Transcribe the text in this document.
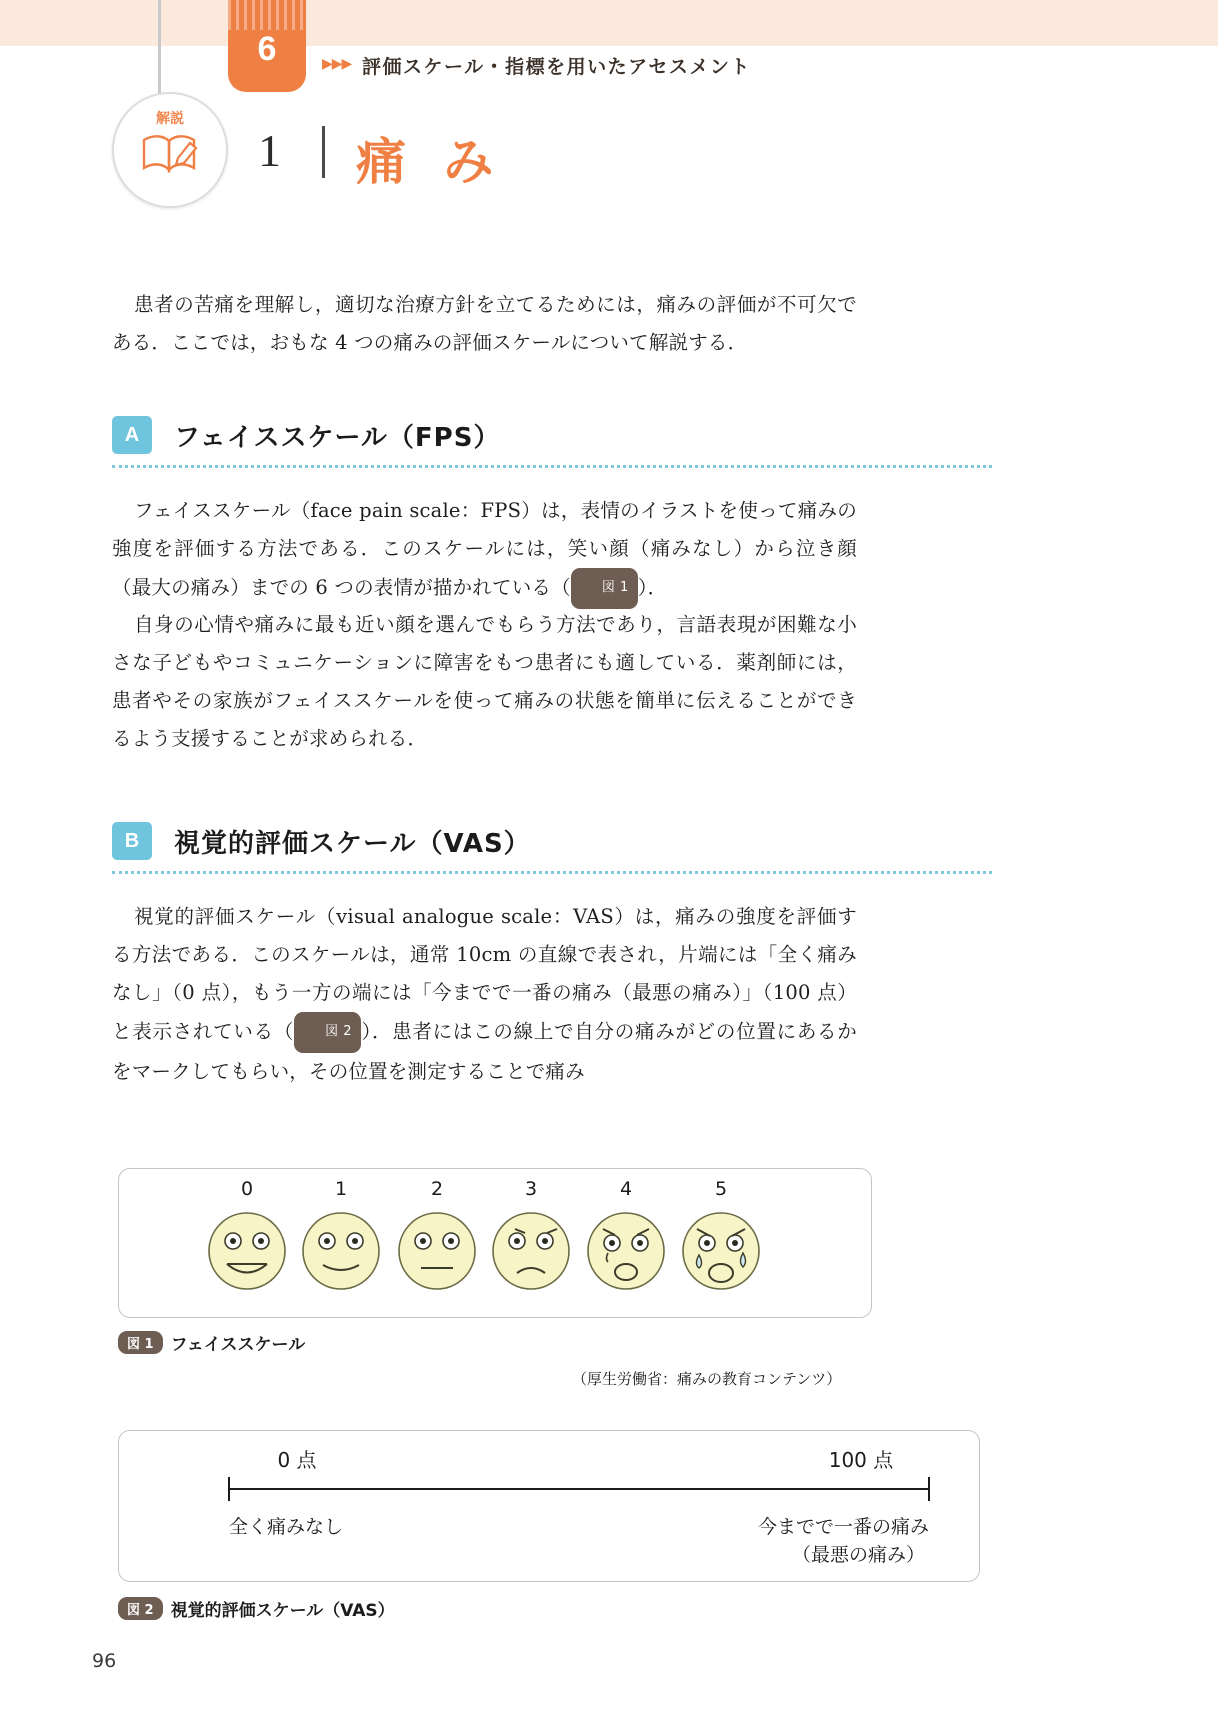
6	▶▶▶ 評価スケール・指標を用いたアセスメント
解説
1 痛 み
患者の苦痛を理解し，適切な治療方針を立てるためには，痛みの評価が不可欠である．ここでは，おもな 4 つの痛みの評価スケールについて解説する．
A フェイススケール（FPS）
フェイススケール（face pain scale：FPS）は，表情のイラストを使って痛みの強度を評価する方法である．このスケールには，笑い顔（痛みなし）から泣き顔（最大の痛み）までの 6 つの表情が描かれている（ 図 1 ）．
自身の心情や痛みに最も近い顔を選んでもらう方法であり，言語表現が困難な小さな子どもやコミュニケーションに障害をもつ患者にも適している．薬剤師には，患者やその家族がフェイススケールを使って痛みの状態を簡単に伝えることができるよう支援することが求められる．
B 視覚的評価スケール（VAS）
視覚的評価スケール（visual analogue scale：VAS）は，痛みの強度を評価する方法である．このスケールは，通常 10cm の直線で表され，片端には「全く痛みなし」（0 点），もう一方の端には「今までで一番の痛み（最悪の痛み）」（100 点）と表示されている（ 図 2 ）．患者にはこの線上で自分の痛みがどの位置にあるかをマークしてもらい，その位置を測定することで痛み
0	1	2	3	4	5
図 1 フェイススケール
（厚生労働省：痛みの教育コンテンツ）
0 点	100 点
全く痛みなし	今までで一番の痛み
（最悪の痛み）
図 2 視覚的評価スケール（VAS）
96
